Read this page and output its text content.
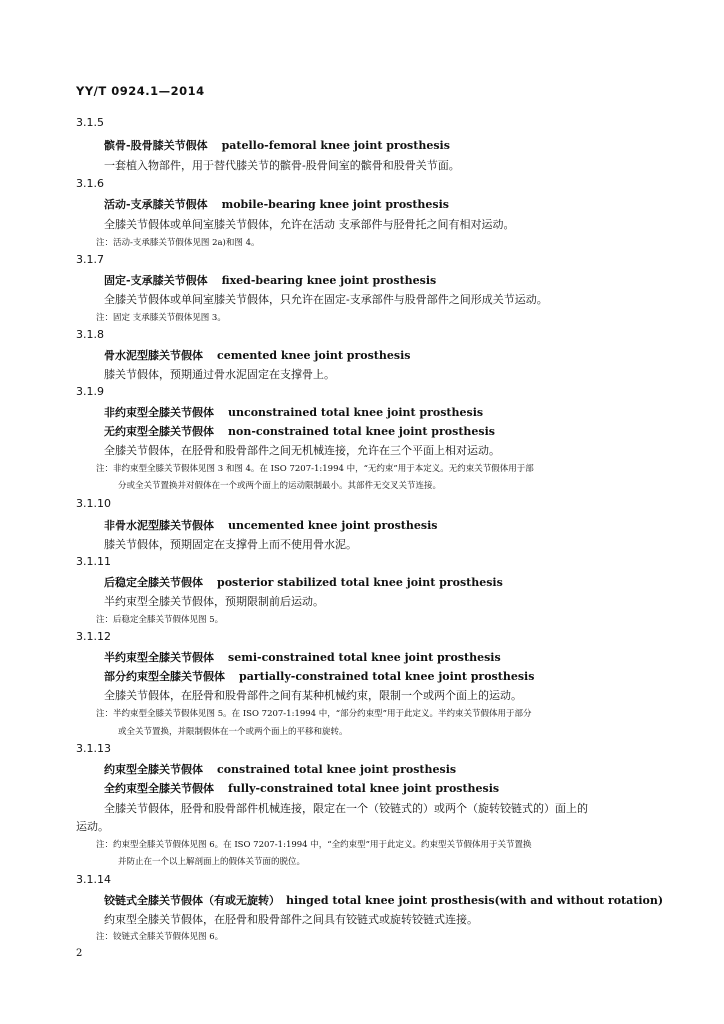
YY/T 0924.1—2014
3.1.5
髌骨-股骨膝关节假体 patello-femoral knee joint prosthesis
一套植入物部件，用于替代膝关节的髌骨-股骨间室的髌骨和股骨关节面。
3.1.6
活动-支承膝关节假体 mobile-bearing knee joint prosthesis
全膝关节假体或单间室膝关节假体，允许在活动 支承部件与胫骨托之间有相对运动。
注：活动-支承膝关节假体见图 2a)和图 4。
3.1.7
固定-支承膝关节假体 fixed-bearing knee joint prosthesis
全膝关节假体或单间室膝关节假体，只允许在固定-支承部件与股骨部件之间形成关节运动。
注：固定 支承膝关节假体见图 3。
3.1.8
骨水泥型膝关节假体 cemented knee joint prosthesis
膝关节假体，预期通过骨水泥固定在支撑骨上。
3.1.9
非约束型全膝关节假体 unconstrained total knee joint prosthesis
无约束型全膝关节假体 non-constrained total knee joint prosthesis
全膝关节假体，在胫骨和股骨部件之间无机械连接，允许在三个平面上相对运动。
注：非约束型全膝关节假体见图 3 和图 4。在 ISO 7207-1:1994 中，“无约束”用于本定义。无约束关节假体用于部
分或全关节置换并对假体在一个或两个面上的运动限制最小。其部件无交叉关节连接。
3.1.10
非骨水泥型膝关节假体 uncemented knee joint prosthesis
膝关节假体，预期固定在支撑骨上而不使用骨水泥。
3.1.11
后稳定全膝关节假体 posterior stabilized total knee joint prosthesis
半约束型全膝关节假体，预期限制前后运动。
注：后稳定全膝关节假体见图 5。
3.1.12
半约束型全膝关节假体 semi-constrained total knee joint prosthesis
部分约束型全膝关节假体 partially-constrained total knee joint prosthesis
全膝关节假体，在胫骨和股骨部件之间有某种机械约束，限制一个或两个面上的运动。
注：半约束型全膝关节假体见图 5。在 ISO 7207-1:1994 中，“部分约束型”用于此定义。半约束关节假体用于部分
或全关节置换，并限制假体在一个或两个面上的平移和旋转。
3.1.13
约束型全膝关节假体 constrained total knee joint prosthesis
全约束型全膝关节假体 fully-constrained total knee joint prosthesis
全膝关节假体，胫骨和股骨部件机械连接，限定在一个（铰链式的）或两个（旋转铰链式的）面上的
运动。
注：约束型全膝关节假体见图 6。在 ISO 7207-1:1994 中，“全约束型”用于此定义。约束型关节假体用于关节置换
并防止在一个以上解剖面上的假体关节面的脱位。
3.1.14
铰链式全膝关节假体（有或无旋转） hinged total knee joint prosthesis(with and without rotation)
约束型全膝关节假体，在胫骨和股骨部件之间具有铰链式或旋转铰链式连接。
注：铰链式全膝关节假体见图 6。
2
